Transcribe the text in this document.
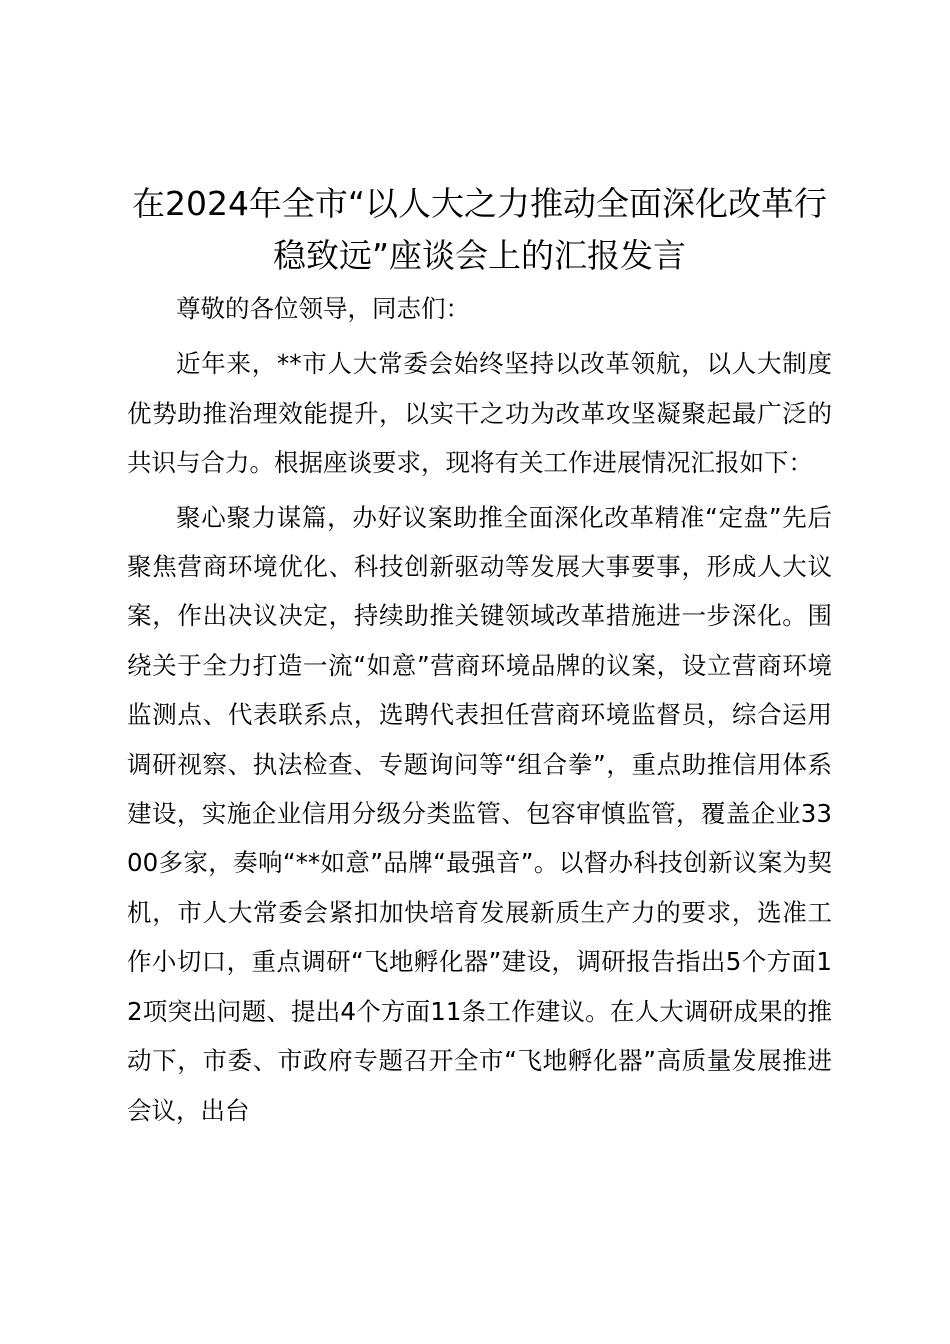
在2024年全市“以人大之力推动全面深化改革行稳致远”座谈会上的汇报发言

尊敬的各位领导，同志们：

近年来，**市人大常委会始终坚持以改革领航，以人大制度优势助推治理效能提升，以实干之功为改革攻坚凝聚起最广泛的共识与合力。根据座谈要求，现将有关工作进展情况汇报如下：

聚心聚力谋篇，办好议案助推全面深化改革精准“定盘”先后聚焦营商环境优化、科技创新驱动等发展大事要事，形成人大议案，作出决议决定，持续助推关键领域改革措施进一步深化。围绕关于全力打造一流“如意”营商环境品牌的议案，设立营商环境监测点、代表联系点，选聘代表担任营商环境监督员，综合运用调研视察、执法检查、专题询问等“组合拳”，重点助推信用体系建设，实施企业信用分级分类监管、包容审慎监管，覆盖企业3300多家，奏响“**如意”品牌“最强音”。以督办科技创新议案为契机，市人大常委会紧扣加快培育发展新质生产力的要求，选准工作小切口，重点调研“飞地孵化器”建设，调研报告指出5个方面12项突出问题、提出4个方面11条工作建议。在人大调研成果的推动下，市委、市政府专题召开全市“飞地孵化器”高质量发展推进会议，出台
